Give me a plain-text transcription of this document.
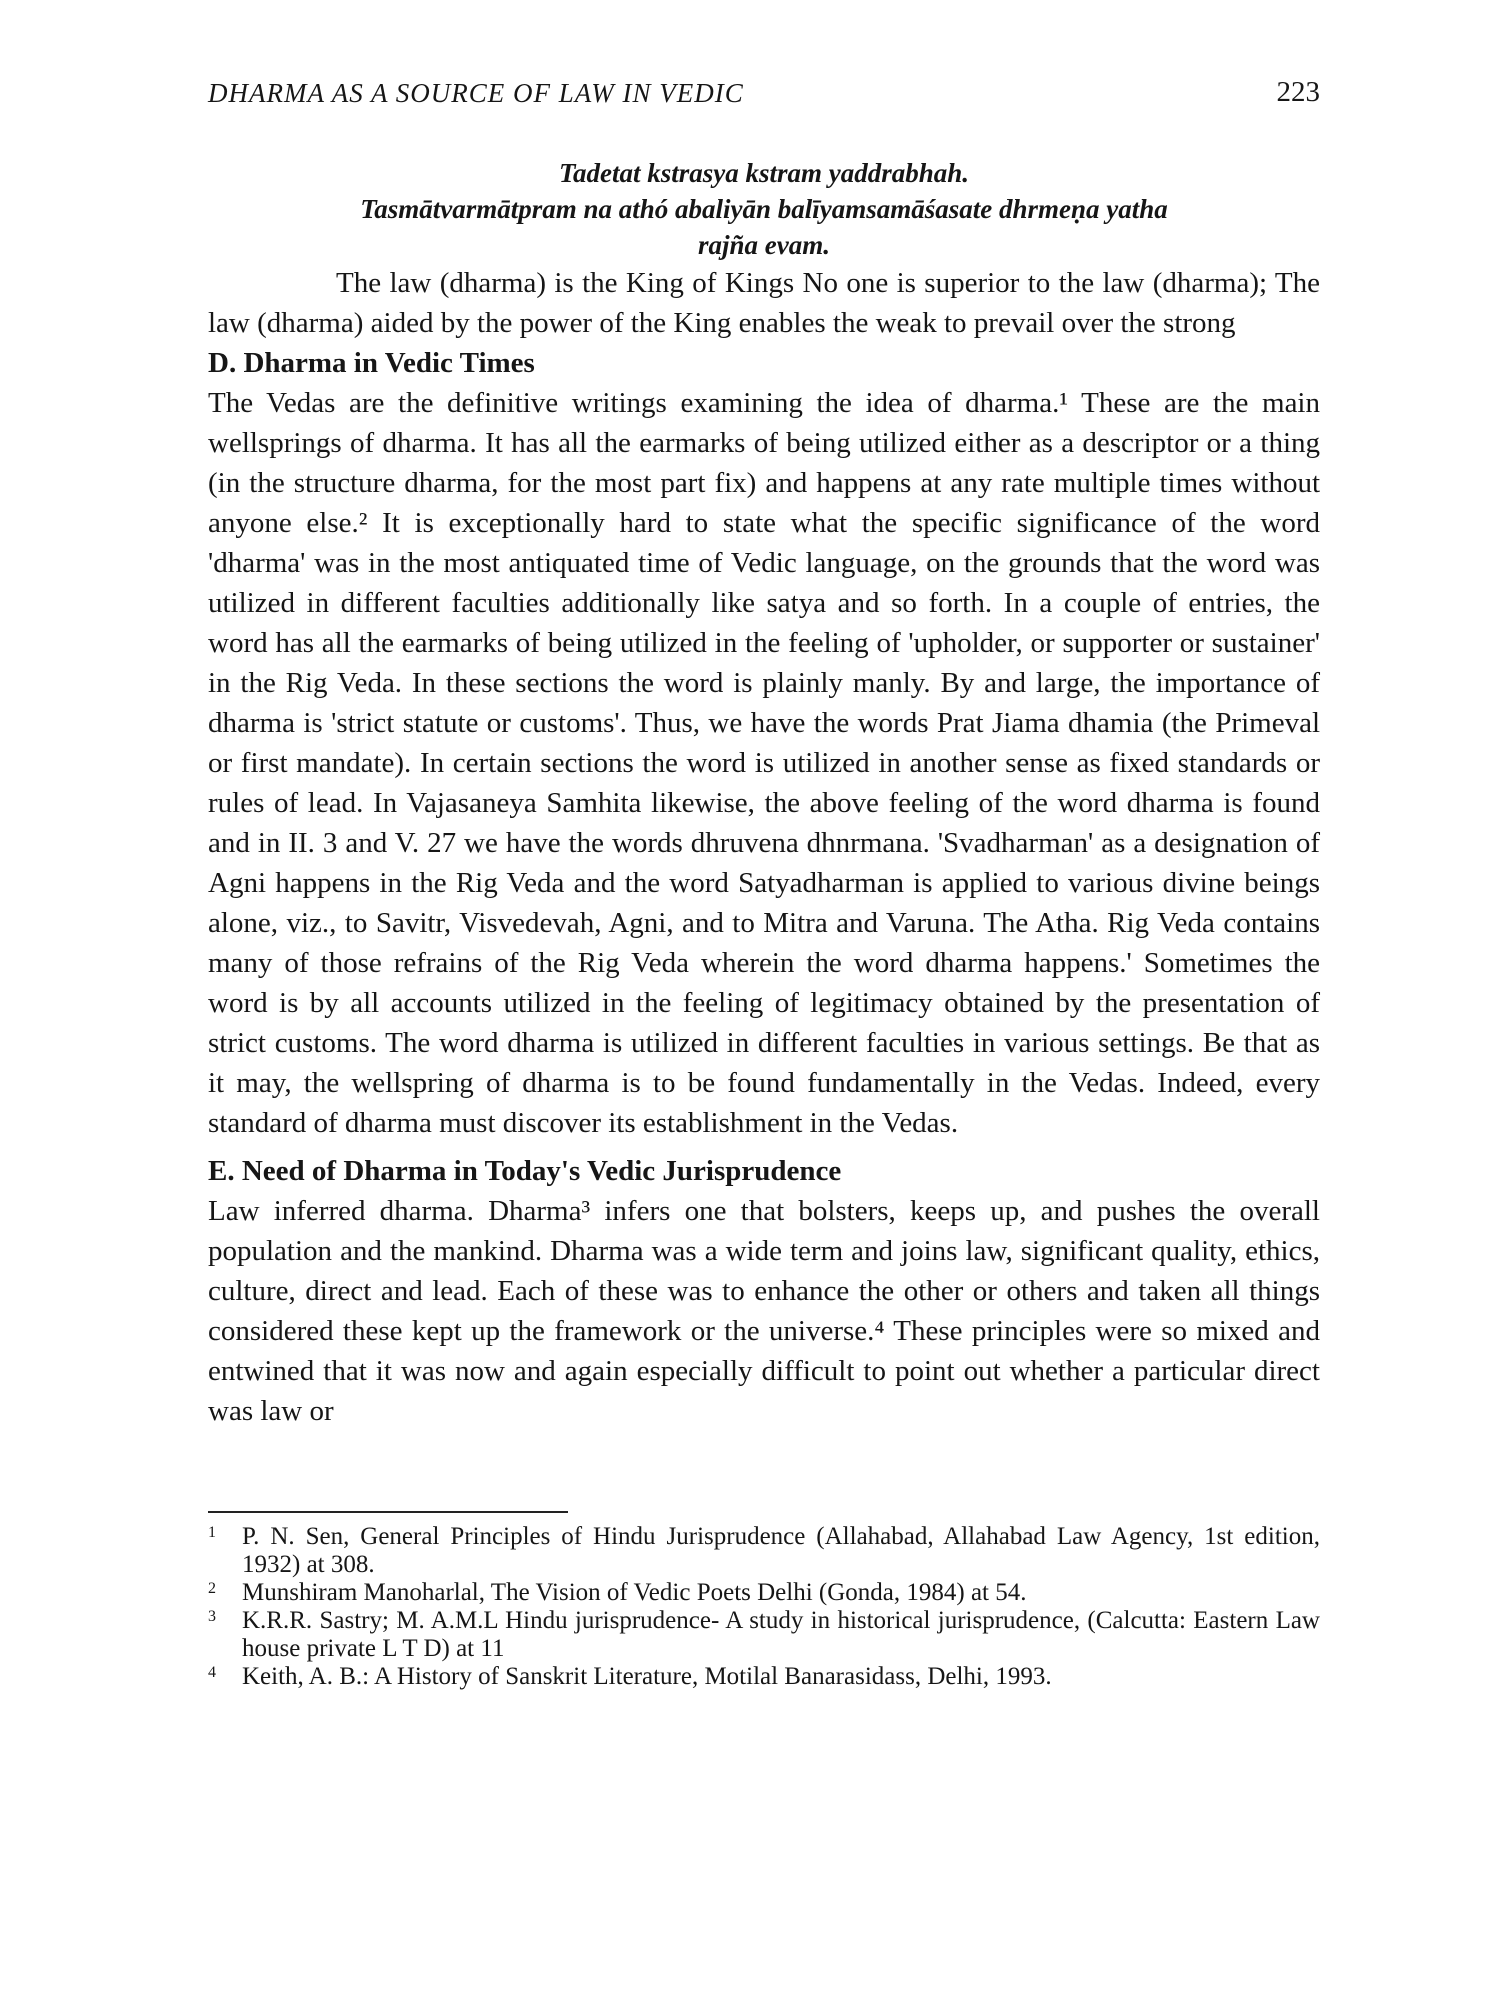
DHARMA AS A SOURCE OF LAW IN VEDIC	223
Tadetat kstrasya kstram yaddrabhah.
Tasmātvarmātpram na athó abaliyān balīyamsamāśasate dhrmeṇa yatha
rajña evam.

The law (dharma) is the King of Kings No one is superior to the law (dharma); The law (dharma) aided by the power of the King enables the weak to prevail over the strong

D. Dharma in Vedic Times

The Vedas are the definitive writings examining the idea of dharma.¹ These are the main wellsprings of dharma. It has all the earmarks of being utilized either as a descriptor or a thing (in the structure dharma, for the most part fix) and happens at any rate multiple times without anyone else.² It is exceptionally hard to state what the specific significance of the word 'dharma' was in the most antiquated time of Vedic language, on the grounds that the word was utilized in different faculties additionally like satya and so forth. In a couple of entries, the word has all the earmarks of being utilized in the feeling of 'upholder, or supporter or sustainer' in the Rig Veda. In these sections the word is plainly manly. By and large, the importance of dharma is 'strict statute or customs'. Thus, we have the words Prat Jiama dhamia (the Primeval or first mandate). In certain sections the word is utilized in another sense as fixed standards or rules of lead. In Vajasaneya Samhita likewise, the above feeling of the word dharma is found and in II. 3 and V. 27 we have the words dhruvena dhnrmana. 'Svadharman' as a designation of Agni happens in the Rig Veda and the word Satyadharman is applied to various divine beings alone, viz., to Savitr, Visvedevah, Agni, and to Mitra and Varuna. The Atha. Rig Veda contains many of those refrains of the Rig Veda wherein the word dharma happens.' Sometimes the word is by all accounts utilized in the feeling of legitimacy obtained by the presentation of strict customs. The word dharma is utilized in different faculties in various settings. Be that as it may, the wellspring of dharma is to be found fundamentally in the Vedas. Indeed, every standard of dharma must discover its establishment in the Vedas.

E. Need of Dharma in Today's Vedic Jurisprudence

Law inferred dharma. Dharma³ infers one that bolsters, keeps up, and pushes the overall population and the mankind. Dharma was a wide term and joins law, significant quality, ethics, culture, direct and lead. Each of these was to enhance the other or others and taken all things considered these kept up the framework or the universe.⁴ These principles were so mixed and entwined that it was now and again especially difficult to point out whether a particular direct was law or

1 P. N. Sen, General Principles of Hindu Jurisprudence (Allahabad, Allahabad Law Agency, 1st edition, 1932) at 308.
2 Munshiram Manoharlal, The Vision of Vedic Poets Delhi (Gonda, 1984) at 54.
3 K.R.R. Sastry; M. A.M.L Hindu jurisprudence- A study in historical jurisprudence, (Calcutta: Eastern Law house private L T D) at 11
4 Keith, A. B.: A History of Sanskrit Literature, Motilal Banarasidass, Delhi, 1993.
